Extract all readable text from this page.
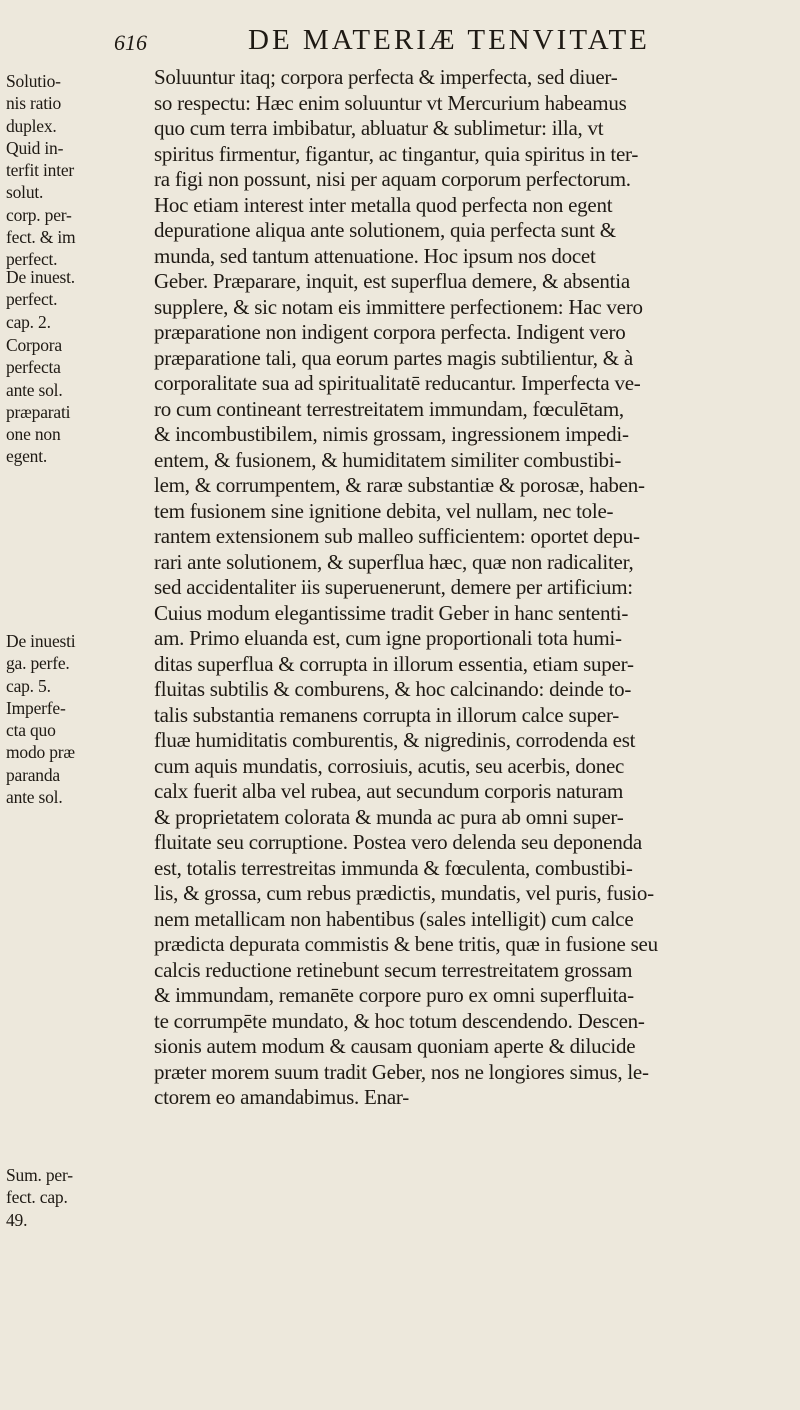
616	DE MATERIÆ TENVITATE
Solutio-
nis ratio
duplex.
Quid in-
terfit inter
solut.
corp. per-
fect. & im
perfect.
De inuest.
perfect.
cap. 2.
Corpora
perfecta
ante sol.
præparati
one non
egent.
De inuesti
ga. perfe.
cap. 5.
Imperfe-
cta quo
modo præ
paranda
ante sol.
Sum. per-
fect. cap.
49.
Soluuntur itaq; corpora perfecta & imperfecta, sed diuer-
so respectu: Hæc enim soluuntur vt Mercurium habeamus
quo cum terra imbibatur, abluatur & sublimetur: illa, vt
spiritus firmentur, figantur, ac tingantur, quia spiritus in ter-
ra figi non possunt, nisi per aquam corporum perfectorum.
Hoc etiam interest inter metalla quod perfecta non egent
depuratione aliqua ante solutionem, quia perfecta sunt &
munda, sed tantum attenuatione. Hoc ipsum nos docet
Geber. Præparare, inquit, est superflua demere, & absentia
supplere, & sic notam eis immittere perfectionem: Hac vero
præparatione non indigent corpora perfecta. Indigent vero
præparatione tali, qua eorum partes magis subtilientur, & à
corporalitate sua ad spiritualitatē reducantur. Imperfecta ve-
ro cum contineant terrestreitatem immundam, fœculētam,
& incombustibilem, nimis grossam, ingressionem impedi-
entem, & fusionem, & humiditatem similiter combustibi-
lem, & corrumpentem, & raræ substantiæ & porosæ, haben-
tem fusionem sine ignitione debita, vel nullam, nec tole-
rantem extensionem sub malleo sufficientem: oportet depu-
rari ante solutionem, & superflua hæc, quæ non radicaliter,
sed accidentaliter iis superuenerunt, demere per artificium:
Cuius modum elegantissime tradit Geber in hanc sententi-
am. Primo eluanda est, cum igne proportionali tota humi-
ditas superflua & corrupta in illorum essentia, etiam super-
fluitas subtilis & comburens, & hoc calcinando: deinde to-
talis substantia remanens corrupta in illorum calce super-
fluæ humiditatis comburentis, & nigredinis, corrodenda est
cum aquis mundatis, corrosiuis, acutis, seu acerbis, donec
calx fuerit alba vel rubea, aut secundum corporis naturam
& proprietatem colorata & munda ac pura ab omni super-
fluitate seu corruptione. Postea vero delenda seu deponenda
est, totalis terrestreitas immunda & fœculenta, combustibi-
lis, & grossa, cum rebus prædictis, mundatis, vel puris, fusio-
nem metallicam non habentibus (sales intelligit) cum calce
prædicta depurata commistis & bene tritis, quæ in fusione seu
calcis reductione retinebunt secum terrestreitatem grossam
& immundam, remanēte corpore puro ex omni superfluita-
te corrumpēte mundato, & hoc totum descendendo. Descen-
sionis autem modum & causam quoniam aperte & dilucide
præter morem suum tradit Geber, nos ne longiores simus, le-
ctorem eo amandabimus. Enar-
